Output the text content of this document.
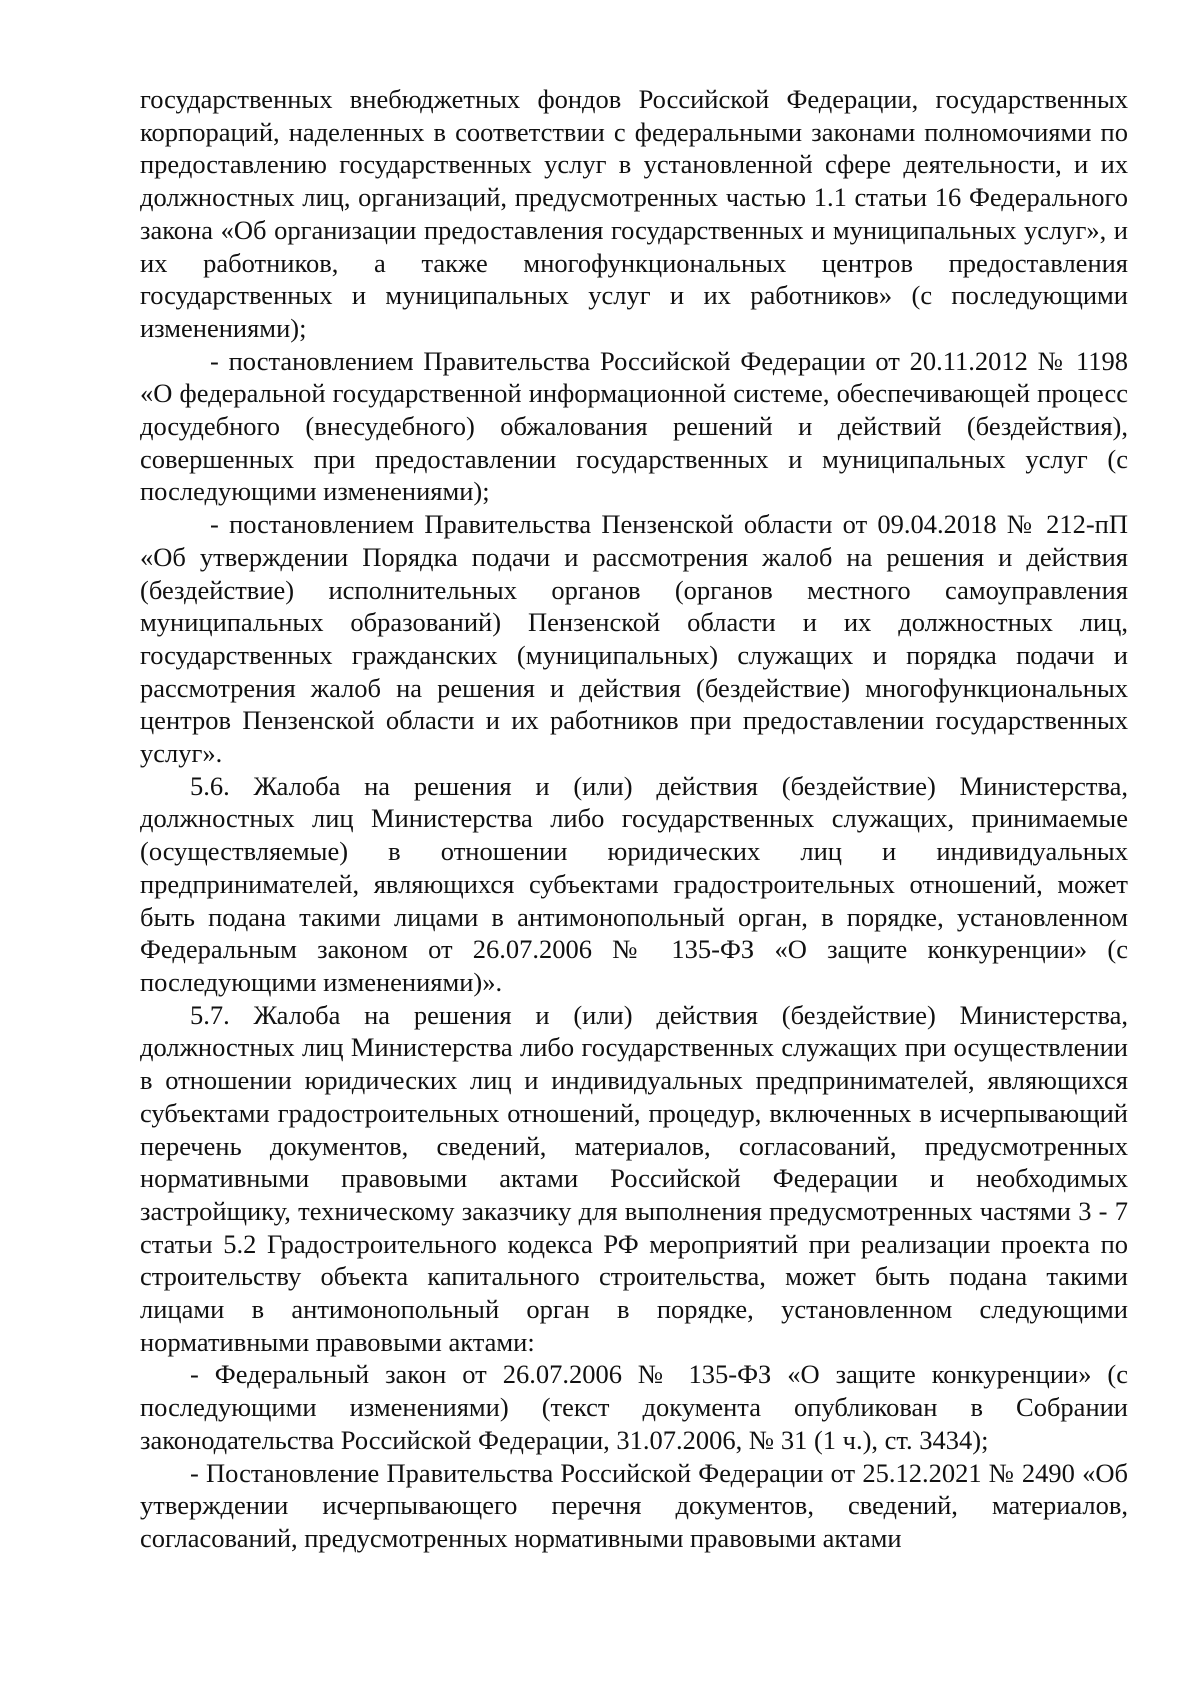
государственных внебюджетных фондов Российской Федерации, государственных корпораций, наделенных в соответствии с федеральными законами полномочиями по предоставлению государственных услуг в установленной сфере деятельности, и их должностных лиц, организаций, предусмотренных частью 1.1 статьи 16 Федерального закона «Об организации предоставления государственных и муниципальных услуг», и их работников, а также многофункциональных центров предоставления государственных и муниципальных услуг и их работников» (с последующими изменениями);

- постановлением Правительства Российской Федерации от 20.11.2012 № 1198 «О федеральной государственной информационной системе, обеспечивающей процесс досудебного (внесудебного) обжалования решений и действий (бездействия), совершенных при предоставлении государственных и муниципальных услуг (с последующими изменениями);

- постановлением Правительства Пензенской области от 09.04.2018 № 212-пП «Об утверждении Порядка подачи и рассмотрения жалоб на решения и действия (бездействие) исполнительных органов (органов местного самоуправления муниципальных образований) Пензенской области и их должностных лиц, государственных гражданских (муниципальных) служащих и порядка подачи и рассмотрения жалоб на решения и действия (бездействие) многофункциональных центров Пензенской области и их работников при предоставлении государственных услуг».

5.6. Жалоба на решения и (или) действия (бездействие) Министерства, должностных лиц Министерства либо государственных служащих, принимаемые (осуществляемые) в отношении юридических лиц и индивидуальных предпринимателей, являющихся субъектами градостроительных отношений, может быть подана такими лицами в антимонопольный орган, в порядке, установленном Федеральным законом от 26.07.2006 № 135-ФЗ «О защите конкуренции» (с последующими изменениями)».

5.7. Жалоба на решения и (или) действия (бездействие) Министерства, должностных лиц Министерства либо государственных служащих при осуществлении в отношении юридических лиц и индивидуальных предпринимателей, являющихся субъектами градостроительных отношений, процедур, включенных в исчерпывающий перечень документов, сведений, материалов, согласований, предусмотренных нормативными правовыми актами Российской Федерации и необходимых застройщику, техническому заказчику для выполнения предусмотренных частями 3 - 7 статьи 5.2 Градостроительного кодекса РФ мероприятий при реализации проекта по строительству объекта капитального строительства, может быть подана такими лицами в антимонопольный орган в порядке, установленном следующими нормативными правовыми актами:

- Федеральный закон от 26.07.2006 № 135-ФЗ «О защите конкуренции» (с последующими изменениями) (текст документа опубликован в Собрании законодательства Российской Федерации, 31.07.2006, № 31 (1 ч.), ст. 3434);

- Постановление Правительства Российской Федерации от 25.12.2021 № 2490 «Об утверждении исчерпывающего перечня документов, сведений, материалов, согласований, предусмотренных нормативными правовыми актами
